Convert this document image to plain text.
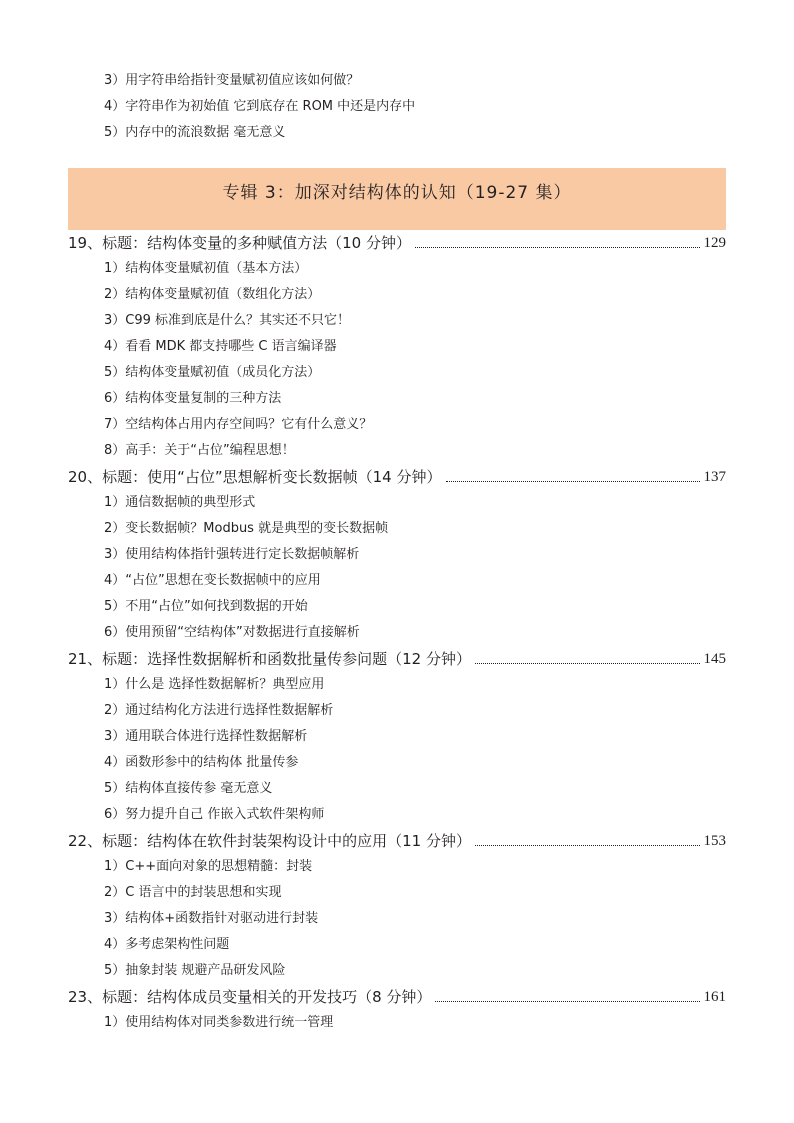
3）用字符串给指针变量赋初值应该如何做？
4）字符串作为初始值 它到底存在 ROM 中还是内存中
5）内存中的流浪数据 毫无意义
专辑 3：加深对结构体的认知（19-27 集）
19、标题：结构体变量的多种赋值方法（10 分钟）	129
1）结构体变量赋初值（基本方法）
2）结构体变量赋初值（数组化方法）
3）C99 标准到底是什么？其实还不只它！
4）看看 MDK 都支持哪些 C 语言编译器
5）结构体变量赋初值（成员化方法）
6）结构体变量复制的三种方法
7）空结构体占用内存空间吗？它有什么意义？
8）高手：关于“占位”编程思想！
20、标题：使用“占位”思想解析变长数据帧（14 分钟）	137
1）通信数据帧的典型形式
2）变长数据帧？Modbus 就是典型的变长数据帧
3）使用结构体指针强转进行定长数据帧解析
4）“占位”思想在变长数据帧中的应用
5）不用“占位”如何找到数据的开始
6）使用预留“空结构体”对数据进行直接解析
21、标题：选择性数据解析和函数批量传参问题（12 分钟）	145
1）什么是 选择性数据解析？典型应用
2）通过结构化方法进行选择性数据解析
3）通用联合体进行选择性数据解析
4）函数形参中的结构体 批量传参
5）结构体直接传参 毫无意义
6）努力提升自己 作嵌入式软件架构师
22、标题：结构体在软件封装架构设计中的应用（11 分钟）	153
1）C++面向对象的思想精髓：封装
2）C 语言中的封装思想和实现
3）结构体+函数指针对驱动进行封装
4）多考虑架构性问题
5）抽象封装 规避产品研发风险
23、标题：结构体成员变量相关的开发技巧（8 分钟）	161
1）使用结构体对同类参数进行统一管理
